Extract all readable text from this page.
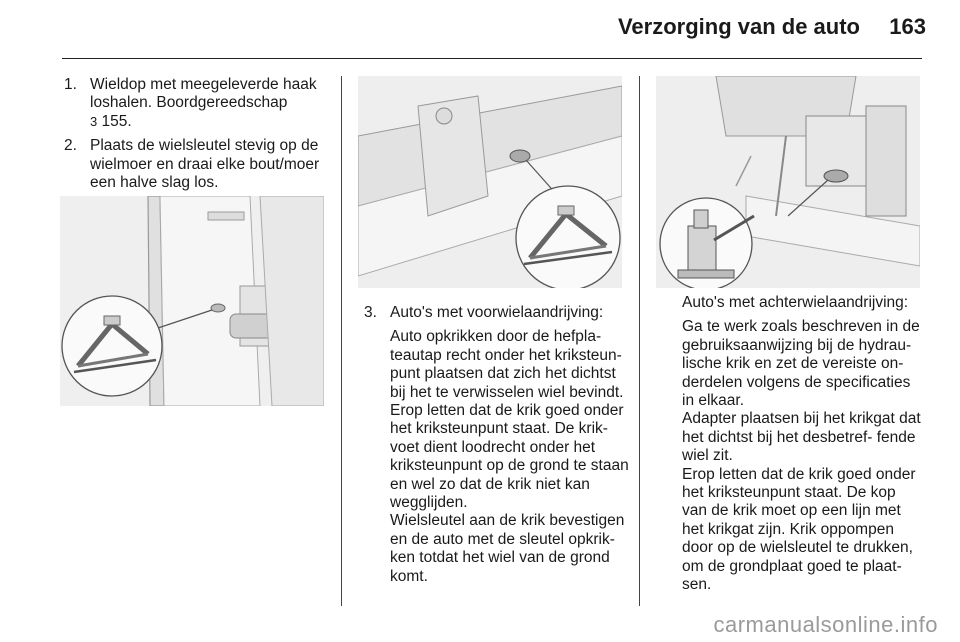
Verzorging van de auto	163
1. Wieldop met meegeleverde haak loshalen. Boordgereedschap
3 155.
2. Plaats de wielsleutel stevig op de wielmoer en draai elke bout/moer een halve slag los.
3. Auto's met voorwielaandrijving:

Auto opkrikken door de hefpla- teautap recht onder het kriksteun- punt plaatsen dat zich het dichtst bij het te verwisselen wiel bevindt.

Erop letten dat de krik goed onder het kriksteunpunt staat. De krik- voet dient loodrecht onder het kriksteunpunt op de grond te staan en wel zo dat de krik niet kan wegglijden.

Wielsleutel aan de krik bevestigen en de auto met de sleutel opkrik- ken totdat het wiel van de grond komt.

Auto's met achterwielaandrijving:

Ga te werk zoals beschreven in de gebruiksaanwijzing bij de hydrau- lische krik en zet de vereiste on- derdelen volgens de specificaties in elkaar.

Adapter plaatsen bij het krikgat dat het dichtst bij het desbetref- fende wiel zit.

Erop letten dat de krik goed onder het kriksteunpunt staat. De kop van de krik moet op een lijn met het krikgat zijn. Krik oppompen door op de wielsleutel te drukken, om de grondplaat goed te plaat- sen.

carmanualsonline.info
